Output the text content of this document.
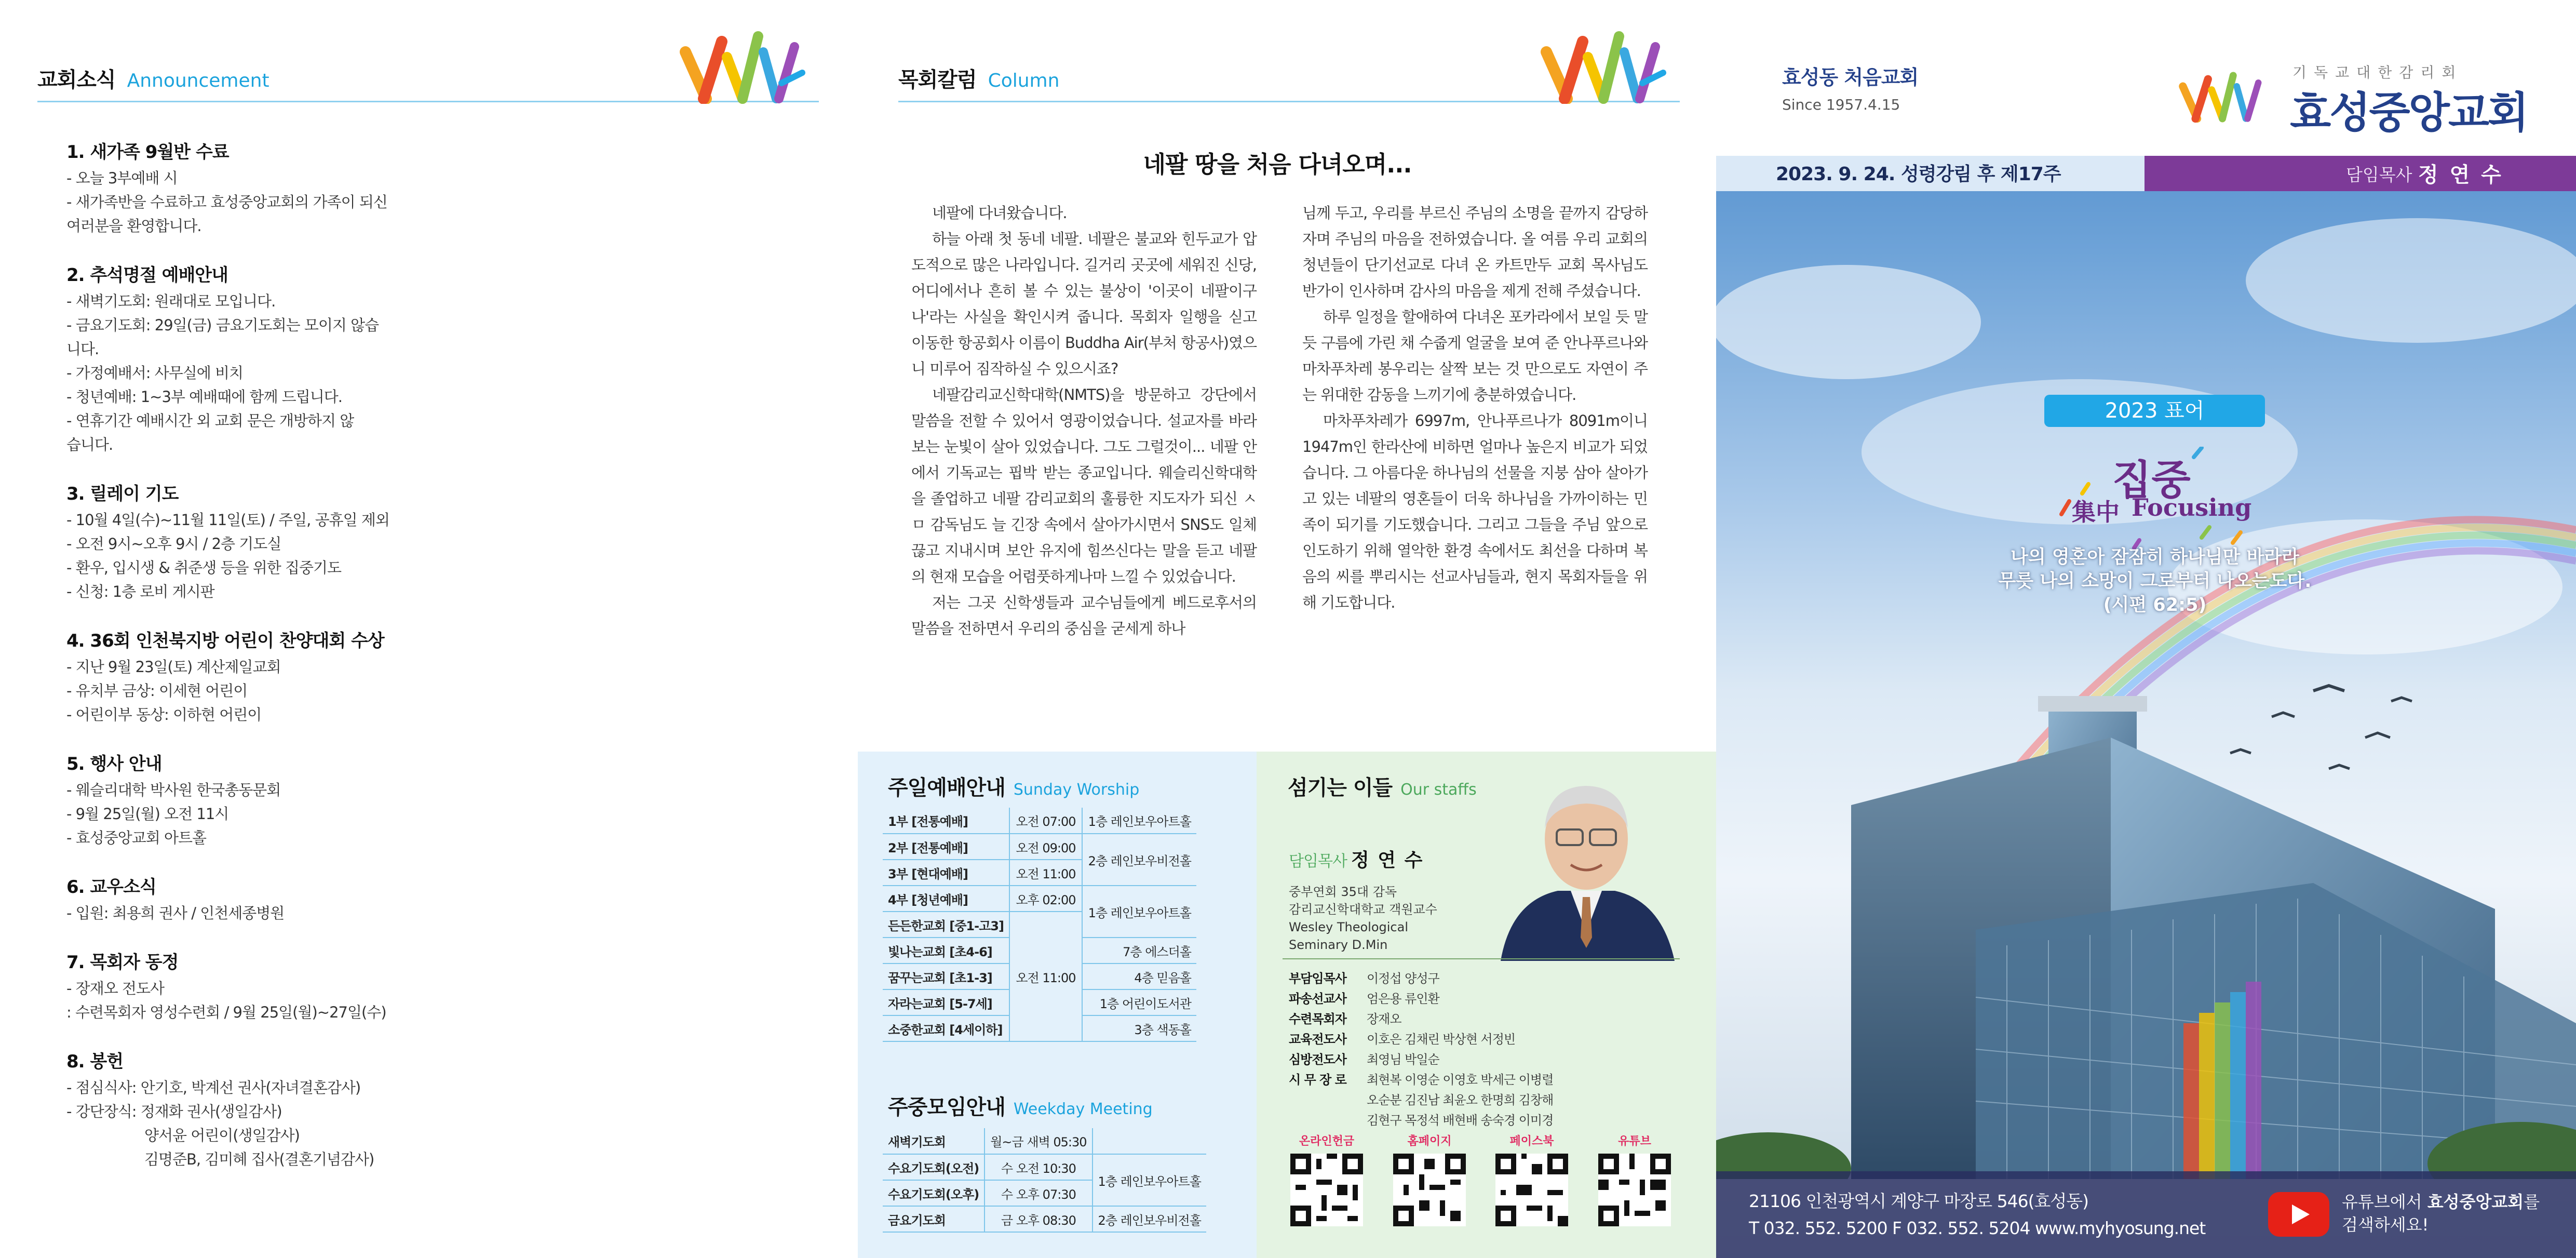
교회소식 Announcement
1. 새가족 9월반 수료
- 오늘 3부예배 시
- 새가족반을 수료하고 효성중앙교회의 가족이 되신
여러분을 환영합니다.
2. 추석명절 예배안내
- 새벽기도회: 원래대로 모입니다.
- 금요기도회: 29일(금) 금요기도회는 모이지 않습
니다.
- 가정예배서: 사무실에 비치
- 청년예배: 1~3부 예배때에 함께 드립니다.
- 연휴기간 예배시간 외 교회 문은 개방하지 않
습니다.
3. 릴레이 기도
- 10월 4일(수)~11월 11일(토) / 주일, 공휴일 제외
- 오전 9시~오후 9시 / 2층 기도실
- 환우, 입시생 & 취준생 등을 위한 집중기도
- 신청: 1층 로비 게시판
4. 36회 인천북지방 어린이 찬양대회 수상
- 지난 9월 23일(토) 계산제일교회
- 유치부 금상: 이세현 어린이
- 어린이부 동상: 이하현 어린이
5. 행사 안내
- 웨슬리대학 박사원 한국총동문회
- 9월 25일(월) 오전 11시
- 효성중앙교회 아트홀
6. 교우소식
- 입원: 최용희 권사 / 인천세종병원
7. 목회자 동정
- 장재오 전도사
: 수련목회자 영성수련회 / 9월 25일(월)~27일(수)
8. 봉헌
- 점심식사: 안기호, 박계선 권사(자녀결혼감사)
- 강단장식: 정재화 권사(생일감사)
양서윤 어린이(생일감사)
김명준B, 김미혜 집사(결혼기념감사)
목회칼럼 Column
네팔 땅을 처음 다녀오며...

네팔에 다녀왔습니다.

하늘 아래 첫 동네 네팔. 네팔은 불교와 힌두교가 압도적으로 많은 나라입니다. 길거리 곳곳에 세워진 신당, 어디에서나 흔히 볼 수 있는 불상이 '이곳이 네팔이구나'라는 사실을 확인시켜 줍니다. 목회자 일행을 싣고 이동한 항공회사 이름이 Buddha Air(부처 항공사)였으니 미루어 짐작하실 수 있으시죠?

네팔감리교신학대학(NMTS)을 방문하고 강단에서 말씀을 전할 수 있어서 영광이었습니다. 설교자를 바라보는 눈빛이 살아 있었습니다. 그도 그럴것이... 네팔 안에서 기독교는 핍박 받는 종교입니다. 웨슬리신학대학을 졸업하고 네팔 감리교회의 훌륭한 지도자가 되신 ㅅㅁ 감독님도 늘 긴장 속에서 살아가시면서 SNS도 일체 끊고 지내시며 보안 유지에 힘쓰신다는 말을 듣고 네팔의 현재 모습을 어렴풋하게나마 느낄 수 있었습니다.

저는 그곳 신학생들과 교수님들에게 베드로후서의 말씀을 전하면서 우리의 중심을 굳세게 하나

님께 두고, 우리를 부르신 주님의 소명을 끝까지 감당하자며 주님의 마음을 전하였습니다. 올 여름 우리 교회의 청년들이 단기선교로 다녀 온 카트만두 교회 목사님도 반가이 인사하며 감사의 마음을 제게 전해 주셨습니다.

하루 일정을 할애하여 다녀온 포카라에서 보일 듯 말듯 구름에 가린 채 수줍게 얼굴을 보여 준 안나푸르나와 마차푸차레 봉우리는 살짝 보는 것 만으로도 자연이 주는 위대한 감동을 느끼기에 충분하였습니다.

마차푸차레가 6997m, 안나푸르나가 8091m이니 1947m인 한라산에 비하면 얼마나 높은지 비교가 되었습니다. 그 아름다운 하나님의 선물을 지붕 삼아 살아가고 있는 네팔의 영혼들이 더욱 하나님을 가까이하는 민족이 되기를 기도했습니다. 그리고 그들을 주님 앞으로 인도하기 위해 열악한 환경 속에서도 최선을 다하며 복음의 씨를 뿌리시는 선교사님들과, 현지 목회자들을 위해 기도합니다.

주일예배안내 Sunday Worship
1부 [전통예배]	오전 07:00	1층 레인보우아트홀
2부 [전통예배]	오전 09:00	2층 레인보우비전홀
3부 [현대예배]	오전 11:00	
4부 [청년예배]	오후 02:00	1층 레인보우아트홀
든든한교회 [중1-고3]	오전 11:00	
빛나는교회 [초4-6]		7층 에스더홀
꿈꾸는교회 [초1-3]		4층 믿음홀
자라는교회 [5-7세]		1층 어린이도서관
소중한교회 [4세이하]		3층 색동홀
주중모임안내 Weekday Meeting
새벽기도회	월~금 새벽 05:30	
수요기도회(오전)	수 오전 10:30	1층 레인보우아트홀
수요기도회(오후)	수 오후 07:30	
금요기도회	금 오후 08:30	2층 레인보우비전홀
섬기는 이들 Our staffs
담임목사 정 연 수
중부연회 35대 감독
감리교신학대학교 객원교수
Wesley Theological
Seminary D.Min
부담임목사	이정섭 양성구
파송선교사	엄은용 류인환
수련목회자	장재오
교육전도사	이호은 김채린 박상현 서정빈
심방전도사	최영님 박일순
시 무 장 로	최현복 이영순 이영호 박세근 이병렬
오순분 김진남 최윤오 한명희 김창해
김현구 목정석 배현배 송숙경 이미경
온라인헌금	홈페이지	페이스북	유튜브
효성동 처음교회
Since 1957.4.15
기독교대한감리회
효성중앙교회
2023. 9. 24. 성령강림 후 제17주	담임목사 정 연 수
2023 표어
집중
集中 Focusing
나의 영혼아 잠잠히 하나님만 바라라
무릇 나의 소망이 그로부터 나오는도다.
(시편 62:5)
21106 인천광역시 계양구 마장로 546(효성동)
T 032. 552. 5200 F 032. 552. 5204 www.myhyosung.net
유튜브에서 효성중앙교회를
검색하세요!
